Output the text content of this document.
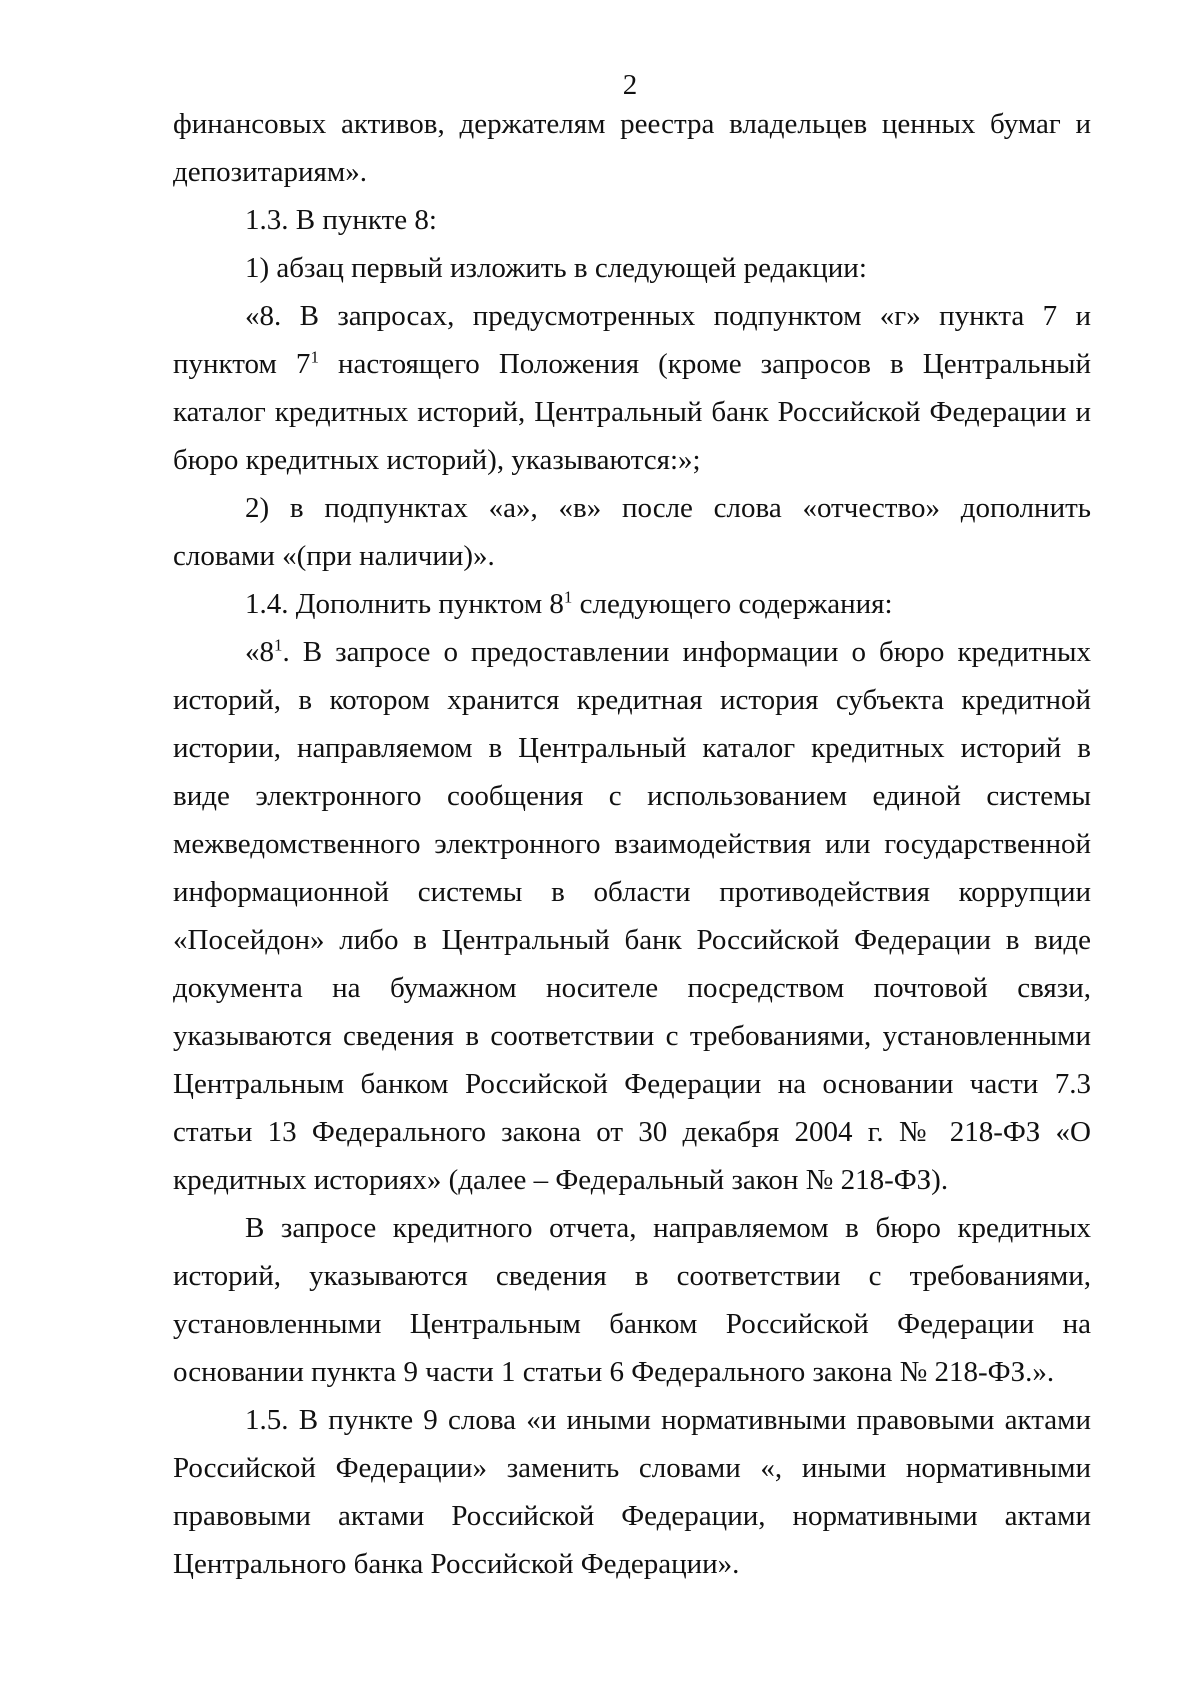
2

финансовых активов, держателям реестра владельцев ценных бумаг и депозитариям».

1.3. В пункте 8:

1) абзац первый изложить в следующей редакции:

«8. В запросах, предусмотренных подпунктом «г» пункта 7 и пунктом $7^1$ настоящего Положения (кроме запросов в Центральный каталог кредитных историй, Центральный банк Российской Федерации и бюро кредитных историй), указываются:»;

2) в подпунктах «а», «в» после слова «отчество» дополнить словами «(при наличии)».

1.4. Дополнить пунктом $8^1$ следующего содержания:

«$8^1$. В запросе о предоставлении информации о бюро кредитных историй, в котором хранится кредитная история субъекта кредитной истории, направляемом в Центральный каталог кредитных историй в виде электронного сообщения с использованием единой системы межведомственного электронного взаимодействия или государственной информационной системы в области противодействия коррупции «Посейдон» либо в Центральный банк Российской Федерации в виде документа на бумажном носителе посредством почтовой связи, указываются сведения в соответствии с требованиями, установленными Центральным банком Российской Федерации на основании части 7.3 статьи 13 Федерального закона от 30 декабря 2004 г. № 218-ФЗ «О кредитных историях» (далее – Федеральный закон № 218-ФЗ).

В запросе кредитного отчета, направляемом в бюро кредитных историй, указываются сведения в соответствии с требованиями, установленными Центральным банком Российской Федерации на основании пункта 9 части 1 статьи 6 Федерального закона № 218-ФЗ.».

1.5. В пункте 9 слова «и иными нормативными правовыми актами Российской Федерации» заменить словами «, иными нормативными правовыми актами Российской Федерации, нормативными актами Центрального банка Российской Федерации».
